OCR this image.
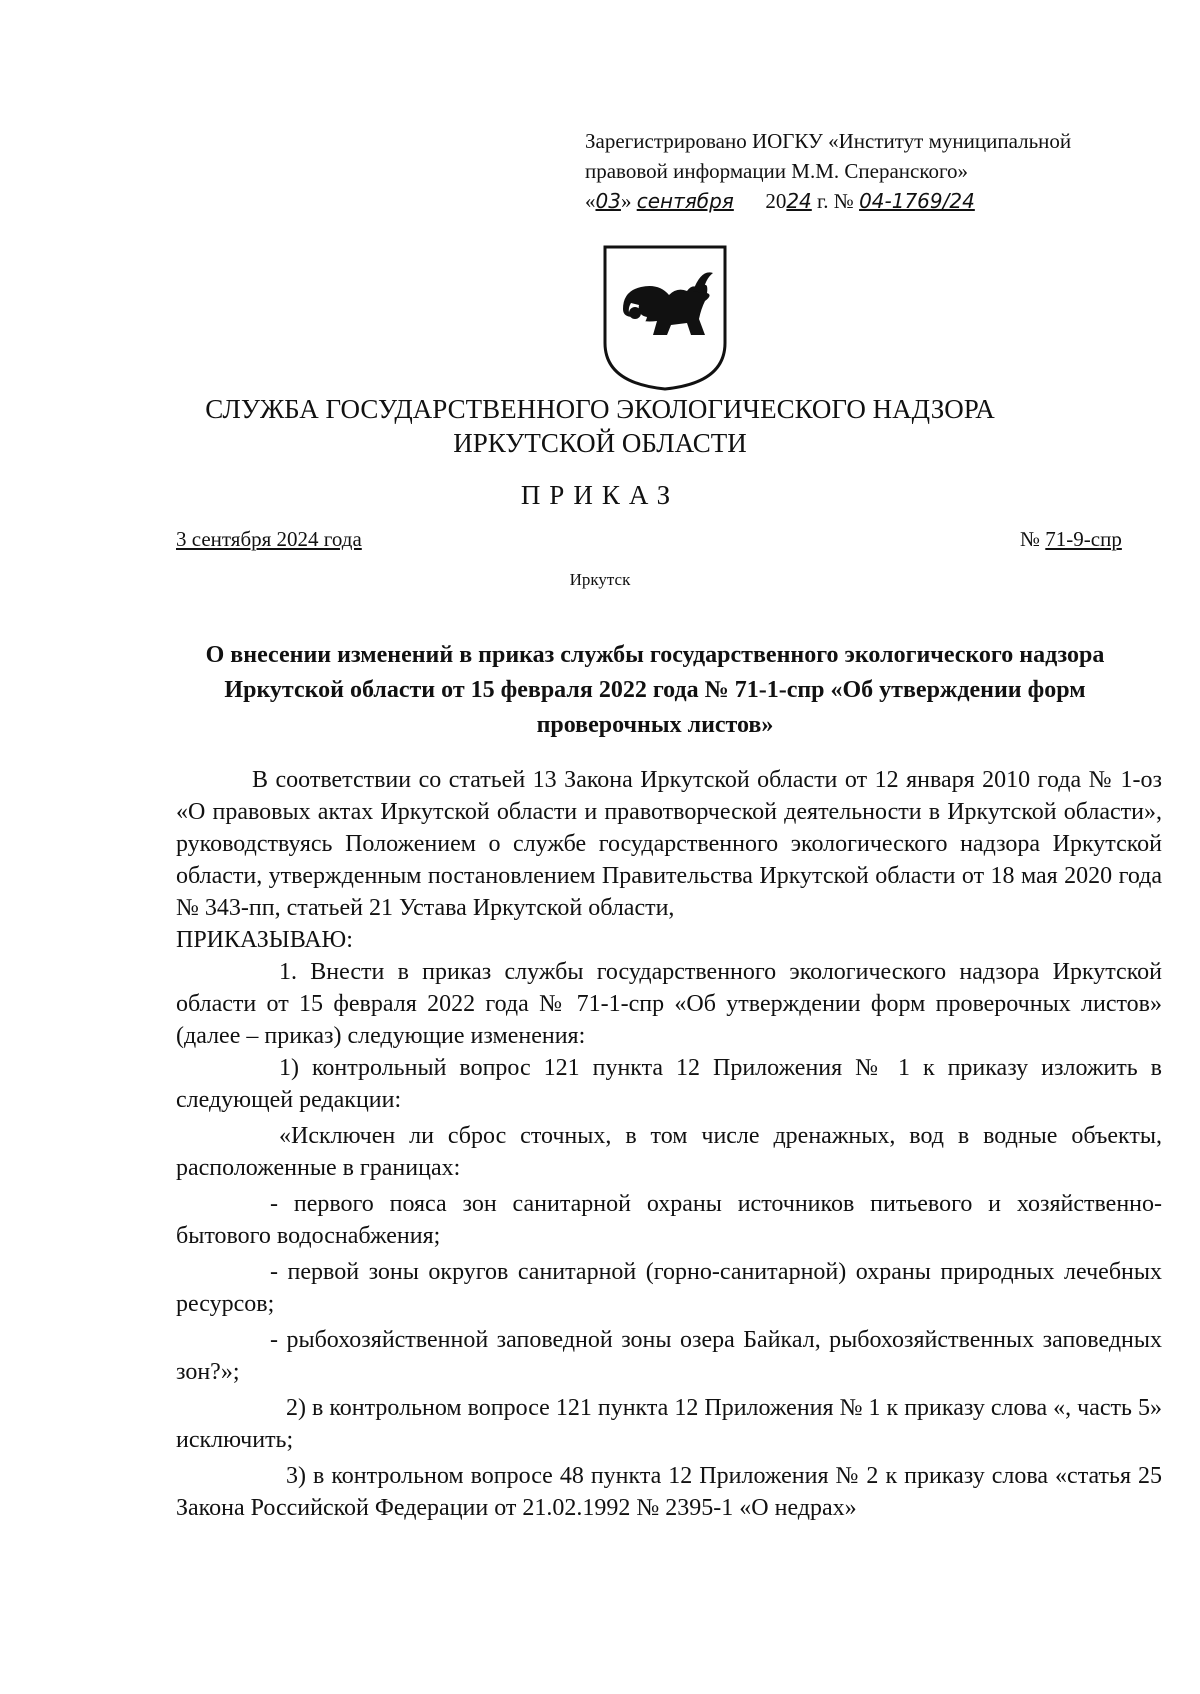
Зарегистрировано ИОГКУ «Институт муниципальной
правовой информации М.М. Сперанского»
«03» сентября 2024 г. № 04-1769/24
СЛУЖБА ГОСУДАРСТВЕННОГО ЭКОЛОГИЧЕСКОГО НАДЗОРА
ИРКУТСКОЙ ОБЛАСТИ
ПРИКАЗ
3 сентября 2024 года	№ 71-9-спр
Иркутск
О внесении изменений в приказ службы государственного экологического надзора Иркутской области от 15 февраля 2022 года № 71-1-спр «Об утверждении форм проверочных листов»

В соответствии со статьей 13 Закона Иркутской области от 12 января 2010 года № 1-оз «О правовых актах Иркутской области и правотворческой деятельности в Иркутской области», руководствуясь Положением о службе государственного экологического надзора Иркутской области, утвержденным постановлением Правительства Иркутской области от 18 мая 2020 года № 343-пп, статьей 21 Устава Иркутской области,

ПРИКАЗЫВАЮ:

1. Внести в приказ службы государственного экологического надзора Иркутской области от 15 февраля 2022 года № 71-1-спр «Об утверждении форм проверочных листов» (далее – приказ) следующие изменения:

1) контрольный вопрос 121 пункта 12 Приложения № 1 к приказу изложить в следующей редакции:

«Исключен ли сброс сточных, в том числе дренажных, вод в водные объекты, расположенные в границах:

- первого пояса зон санитарной охраны источников питьевого и хозяйственно-бытового водоснабжения;

- первой зоны округов санитарной (горно-санитарной) охраны природных лечебных ресурсов;

- рыбохозяйственной заповедной зоны озера Байкал, рыбохозяйственных заповедных зон?»;

2) в контрольном вопросе 121 пункта 12 Приложения № 1 к приказу слова «, часть 5» исключить;

3) в контрольном вопросе 48 пункта 12 Приложения № 2 к приказу слова «статья 25 Закона Российской Федерации от 21.02.1992 № 2395-1 «О недрах»
